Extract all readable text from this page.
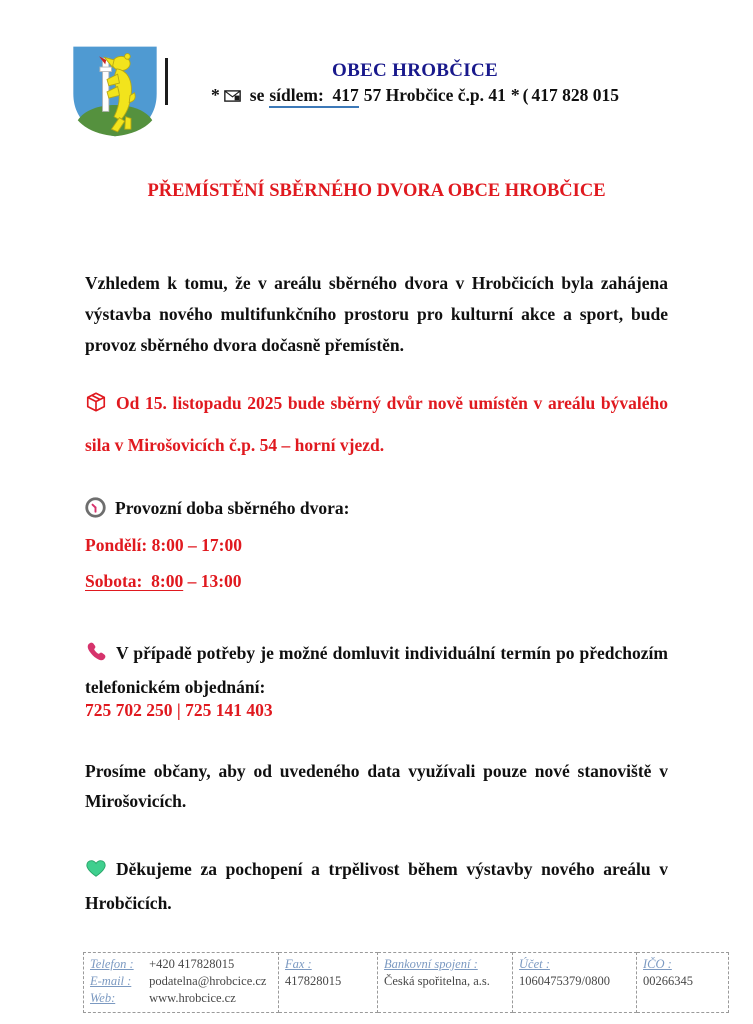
OBEC HROBČICE
* se sídlem:  417 57 Hrobčice č.p. 41 * ( 417 828 015
PŘEMÍSTĚNÍ SBĚRNÉHO DVORA OBCE HROBČICE

Vzhledem k tomu, že v areálu sběrného dvora v Hrobčicích byla zahájena výstavba nového multifunkčního prostoru pro kulturní akce a sport, bude provoz sběrného dvora dočasně přemístěn.

Od 15. listopadu 2025 bude sběrný dvůr nově umístěn v areálu bývalého sila v Mirošovicích č.p. 54 – horní vjezd.

Provozní doba sběrného dvora:

Pondělí: 8:00 – 17:00

Sobota:  8:00 – 13:00

V případě potřeby je možné domluvit individuální termín po předchozím telefonickém objednání:

725 702 250 | 725 141 403

Prosíme občany, aby od uvedeného data využívali pouze nové stanoviště v Mirošovicích.

Děkujeme za pochopení a trpělivost během výstavby nového areálu v Hrobčicích.

Telefon : +420 417828015
E-mail : podatelna@hrobcice.cz
Web:	www.hrobcice.cz

Fax :
417828015

Bankovní spojení :
Česká spořitelna, a.s.

Účet :
1060475379/0800

IČO :
00266345
